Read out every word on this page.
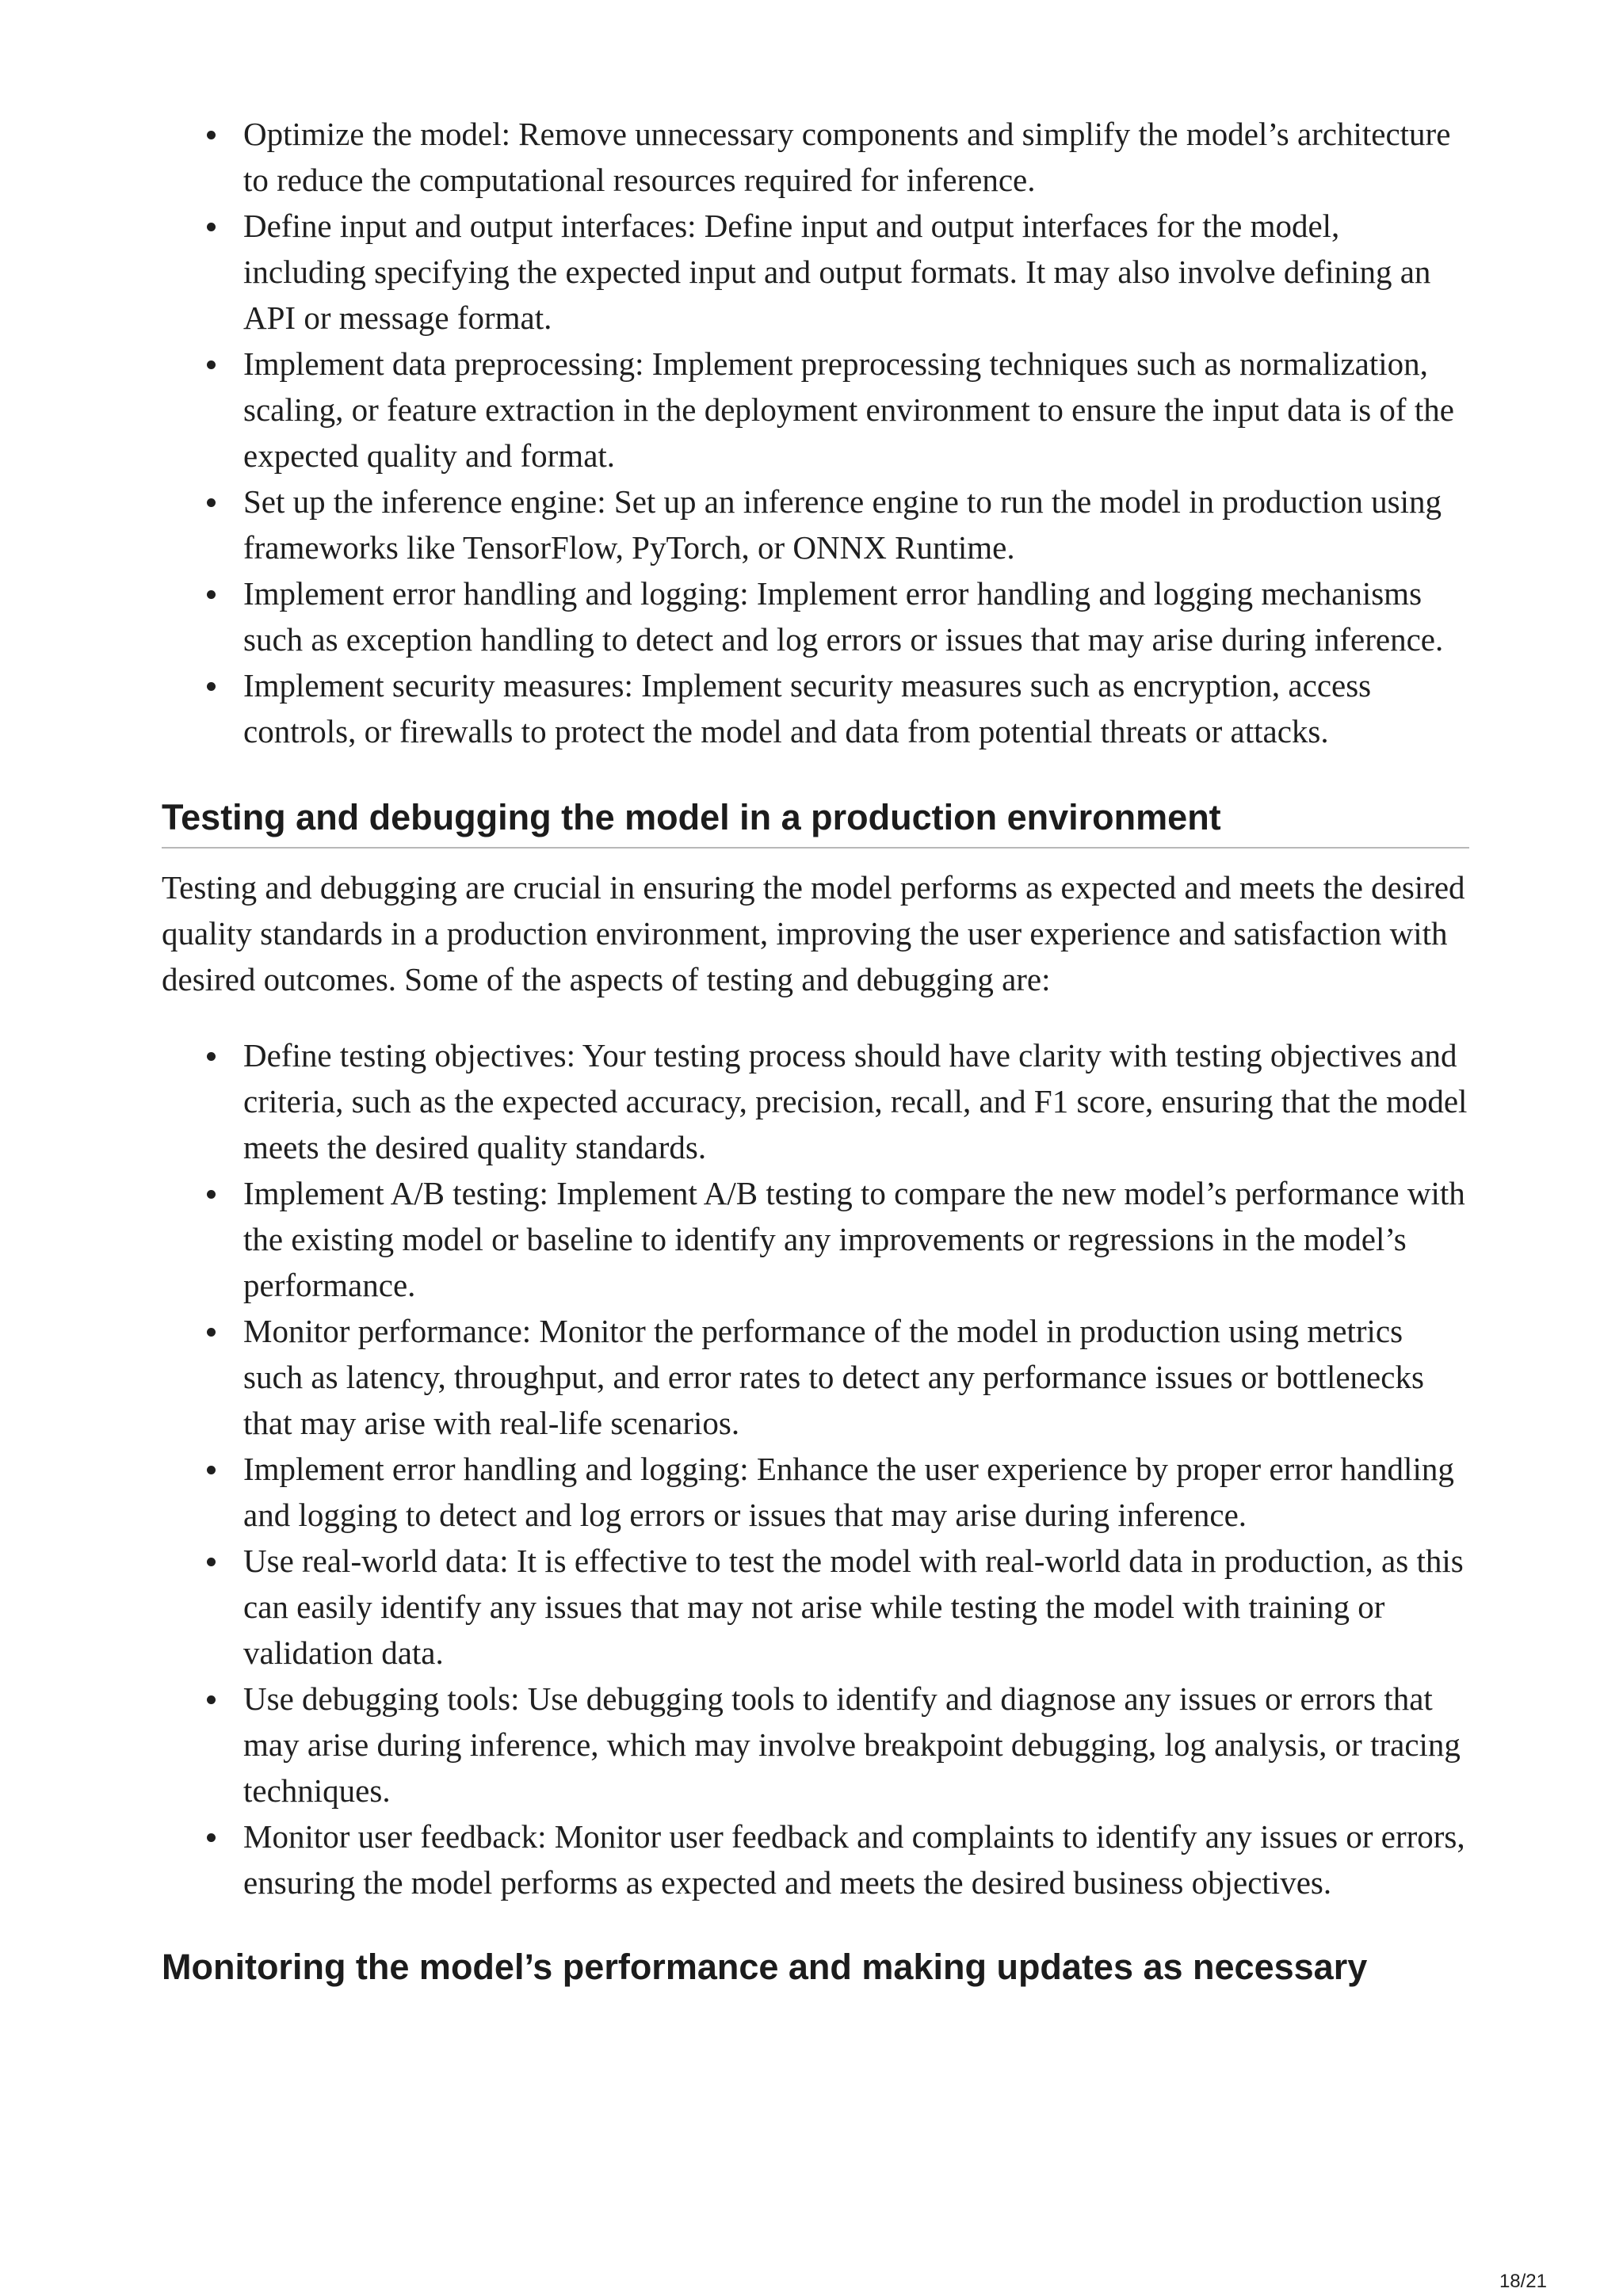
Optimize the model: Remove unnecessary components and simplify the model’s architecture to reduce the computational resources required for inference.
Define input and output interfaces: Define input and output interfaces for the model, including specifying the expected input and output formats. It may also involve defining an API or message format.
Implement data preprocessing: Implement preprocessing techniques such as normalization, scaling, or feature extraction in the deployment environment to ensure the input data is of the expected quality and format.
Set up the inference engine: Set up an inference engine to run the model in production using frameworks like TensorFlow, PyTorch, or ONNX Runtime.
Implement error handling and logging: Implement error handling and logging mechanisms such as exception handling to detect and log errors or issues that may arise during inference.
Implement security measures: Implement security measures such as encryption, access controls, or firewalls to protect the model and data from potential threats or attacks.
Testing and debugging the model in a production environment

Testing and debugging are crucial in ensuring the model performs as expected and meets the desired quality standards in a production environment, improving the user experience and satisfaction with desired outcomes. Some of the aspects of testing and debugging are:

Define testing objectives: Your testing process should have clarity with testing objectives and criteria, such as the expected accuracy, precision, recall, and F1 score, ensuring that the model meets the desired quality standards.
Implement A/B testing: Implement A/B testing to compare the new model’s performance with the existing model or baseline to identify any improvements or regressions in the model’s performance.
Monitor performance: Monitor the performance of the model in production using metrics such as latency, throughput, and error rates to detect any performance issues or bottlenecks that may arise with real-life scenarios.
Implement error handling and logging: Enhance the user experience by proper error handling and logging to detect and log errors or issues that may arise during inference.
Use real-world data: It is effective to test the model with real-world data in production, as this can easily identify any issues that may not arise while testing the model with training or validation data.
Use debugging tools: Use debugging tools to identify and diagnose any issues or errors that may arise during inference, which may involve breakpoint debugging, log analysis, or tracing techniques.
Monitor user feedback: Monitor user feedback and complaints to identify any issues or errors, ensuring the model performs as expected and meets the desired business objectives.
Monitoring the model’s performance and making updates as necessary
18/21
